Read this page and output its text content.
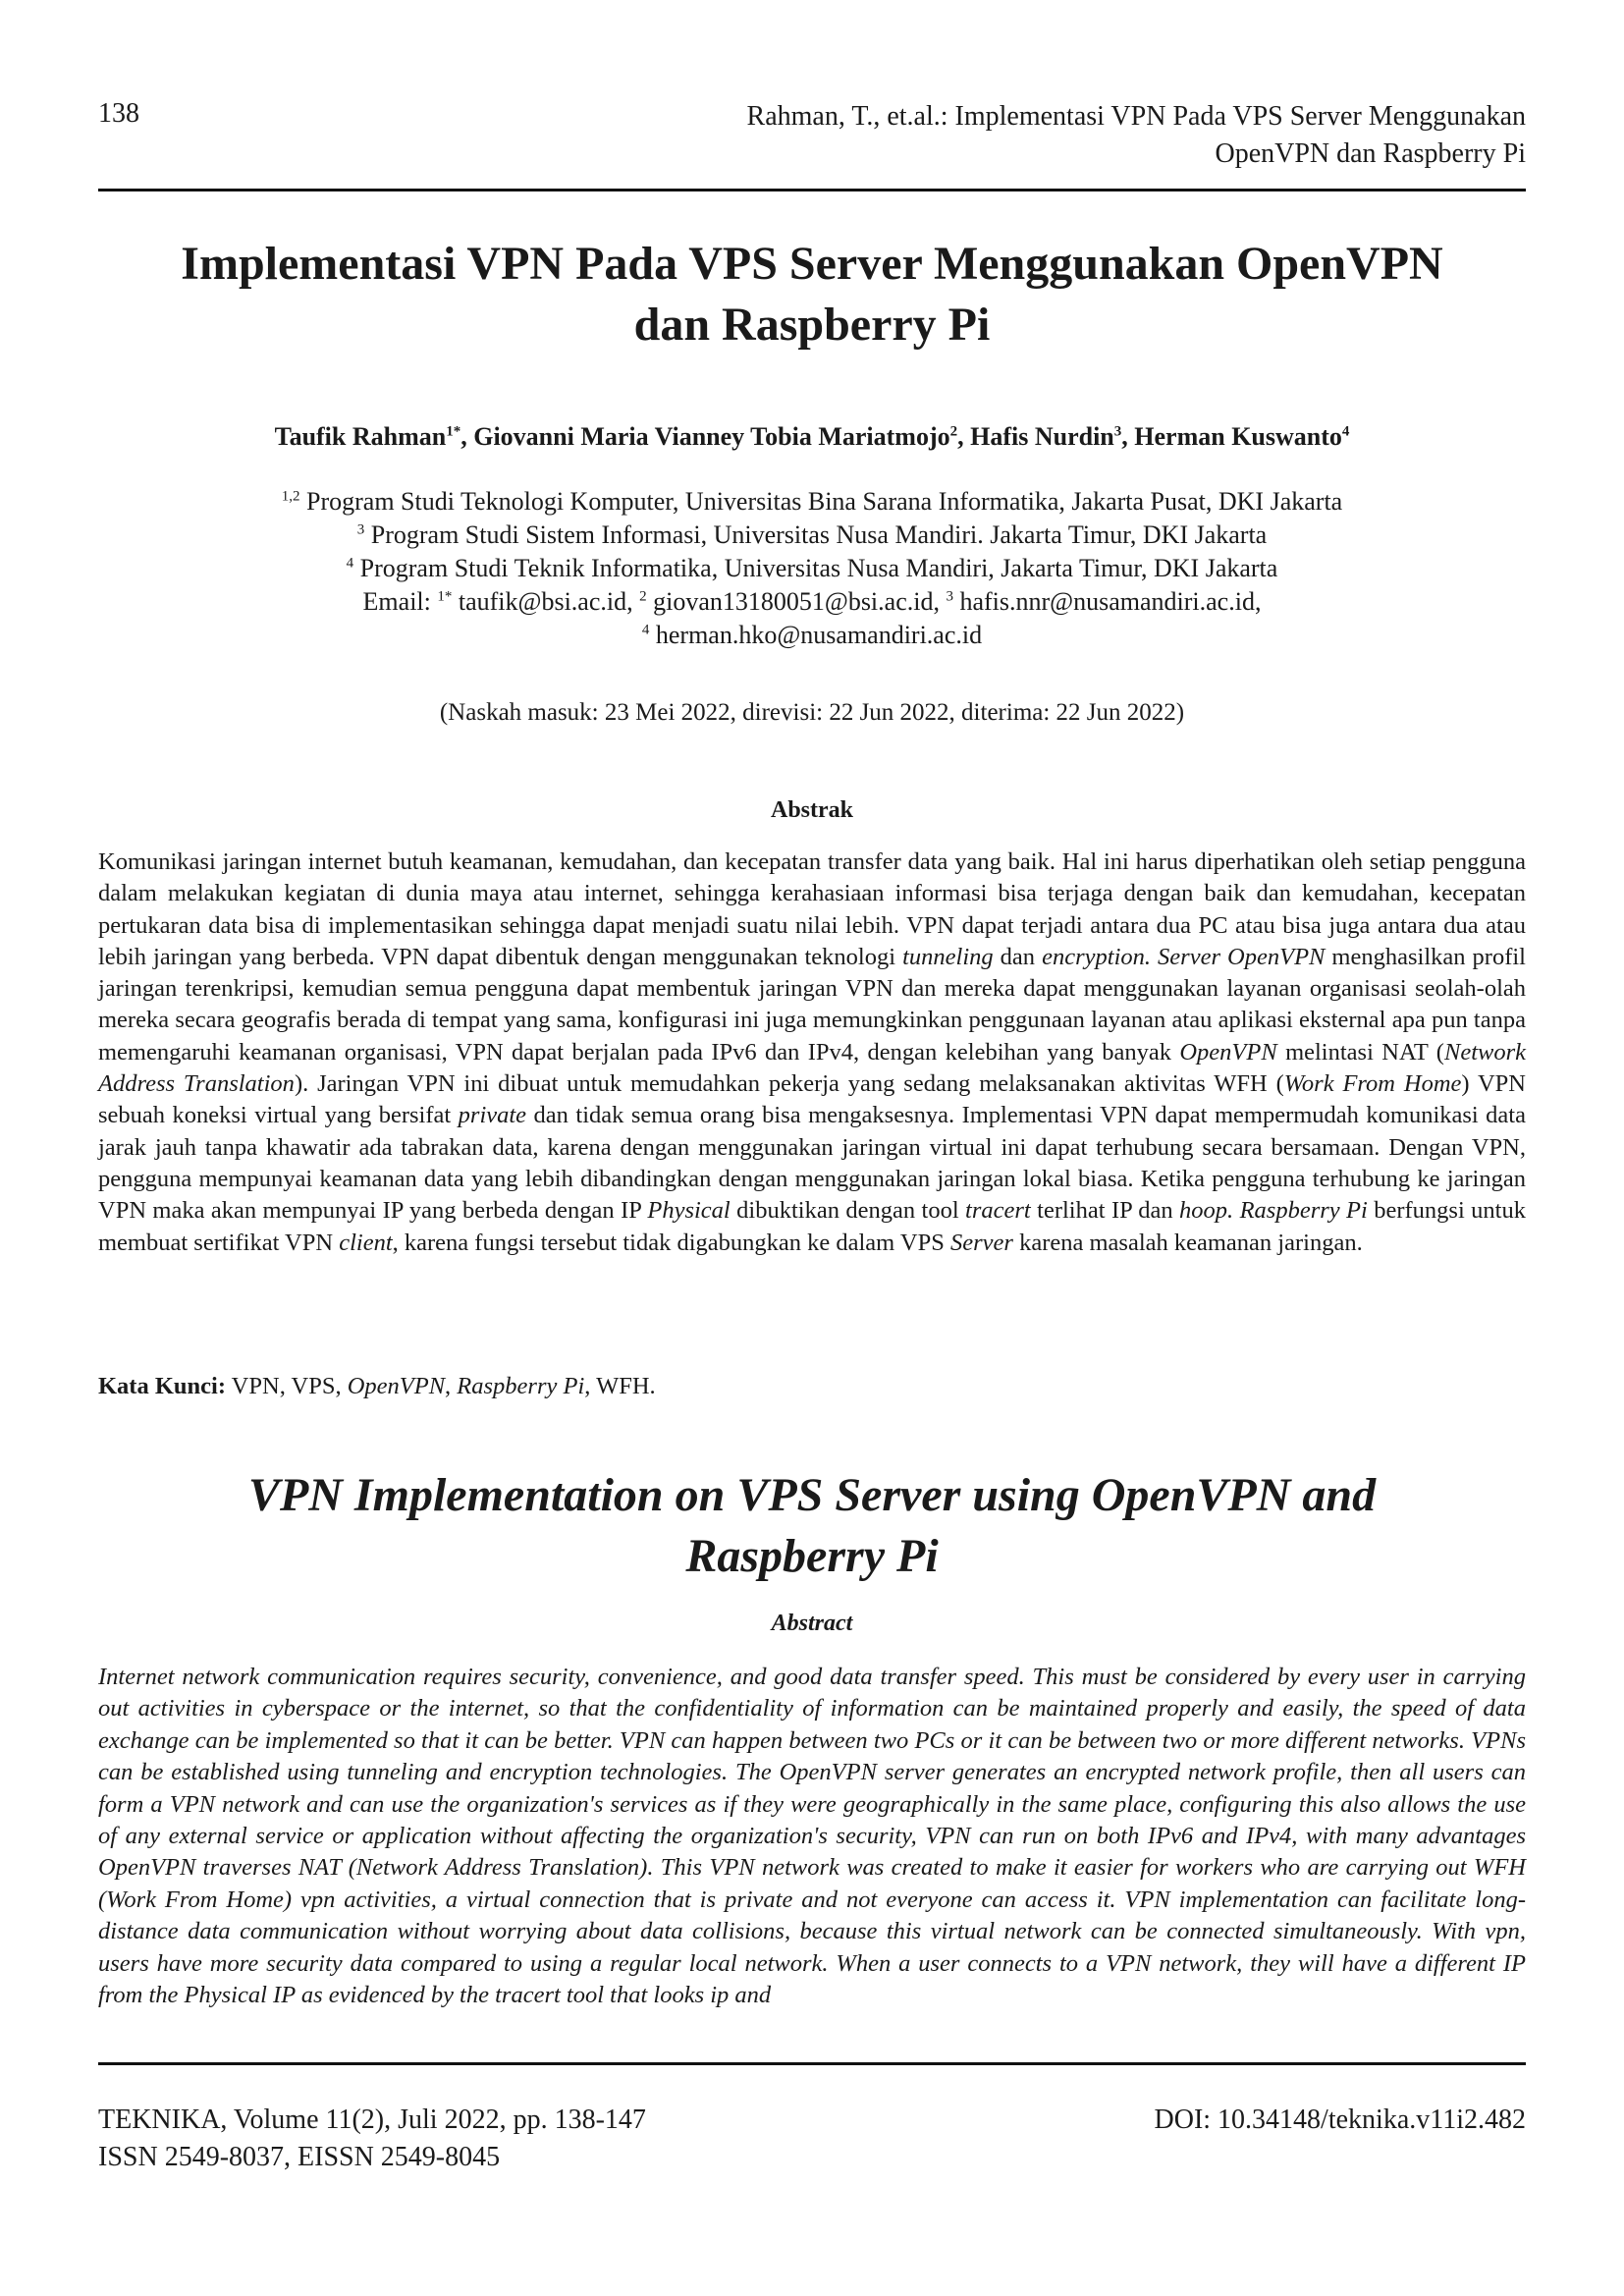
138	Rahman, T., et.al.: Implementasi VPN Pada VPS Server Menggunakan
OpenVPN dan Raspberry Pi
Implementasi VPN Pada VPS Server Menggunakan OpenVPN
dan Raspberry Pi
Taufik Rahman$^{1*}$, Giovanni Maria Vianney Tobia Mariatmojo$^2$, Hafis Nurdin$^3$, Herman Kuswanto$^4$
$^{1,2}$ Program Studi Teknologi Komputer, Universitas Bina Sarana Informatika, Jakarta Pusat, DKI Jakarta
$^3$ Program Studi Sistem Informasi, Universitas Nusa Mandiri. Jakarta Timur, DKI Jakarta
$^4$ Program Studi Teknik Informatika, Universitas Nusa Mandiri, Jakarta Timur, DKI Jakarta
Email: $^{1*}$ taufik@bsi.ac.id, $^2$ giovan13180051@bsi.ac.id, $^3$ hafis.nnr@nusamandiri.ac.id,
$^4$ herman.hko@nusamandiri.ac.id
(Naskah masuk: 23 Mei 2022, direvisi: 22 Jun 2022, diterima: 22 Jun 2022)
Abstrak

Komunikasi jaringan internet butuh keamanan, kemudahan, dan kecepatan transfer data yang baik. Hal ini harus diperhatikan oleh setiap pengguna dalam melakukan kegiatan di dunia maya atau internet, sehingga kerahasiaan informasi bisa terjaga dengan baik dan kemudahan, kecepatan pertukaran data bisa di implementasikan sehingga dapat menjadi suatu nilai lebih. VPN dapat terjadi antara dua PC atau bisa juga antara dua atau lebih jaringan yang berbeda. VPN dapat dibentuk dengan menggunakan teknologi tunneling dan encryption. Server OpenVPN menghasilkan profil jaringan terenkripsi, kemudian semua pengguna dapat membentuk jaringan VPN dan mereka dapat menggunakan layanan organisasi seolah-olah mereka secara geografis berada di tempat yang sama, konfigurasi ini juga memungkinkan penggunaan layanan atau aplikasi eksternal apa pun tanpa memengaruhi keamanan organisasi, VPN dapat berjalan pada IPv6 dan IPv4, dengan kelebihan yang banyak OpenVPN melintasi NAT (Network Address Translation). Jaringan VPN ini dibuat untuk memudahkan pekerja yang sedang melaksanakan aktivitas WFH (Work From Home) VPN sebuah koneksi virtual yang bersifat private dan tidak semua orang bisa mengaksesnya. Implementasi VPN dapat mempermudah komunikasi data jarak jauh tanpa khawatir ada tabrakan data, karena dengan menggunakan jaringan virtual ini dapat terhubung secara bersamaan. Dengan VPN, pengguna mempunyai keamanan data yang lebih dibandingkan dengan menggunakan jaringan lokal biasa. Ketika pengguna terhubung ke jaringan VPN maka akan mempunyai IP yang berbeda dengan IP Physical dibuktikan dengan tool tracert terlihat IP dan hoop. Raspberry Pi berfungsi untuk membuat sertifikat VPN client, karena fungsi tersebut tidak digabungkan ke dalam VPS Server karena masalah keamanan jaringan.

Kata Kunci: VPN, VPS, OpenVPN, Raspberry Pi, WFH.
VPN Implementation on VPS Server using OpenVPN and
Raspberry Pi
Abstract
Internet network communication requires security, convenience, and good data transfer speed. This must be considered by every user in carrying out activities in cyberspace or the internet, so that the confidentiality of information can be maintained properly and easily, the speed of data exchange can be implemented so that it can be better. VPN can happen between two PCs or it can be between two or more different networks. VPNs can be established using tunneling and encryption technologies. The OpenVPN server generates an encrypted network profile, then all users can form a VPN network and can use the organization's services as if they were geographically in the same place, configuring this also allows the use of any external service or application without affecting the organization's security, VPN can run on both IPv6 and IPv4, with many advantages OpenVPN traverses NAT (Network Address Translation). This VPN network was created to make it easier for workers who are carrying out WFH (Work From Home) vpn activities, a virtual connection that is private and not everyone can access it. VPN implementation can facilitate long-distance data communication without worrying about data collisions, because this virtual network can be connected simultaneously. With vpn, users have more security data compared to using a regular local network. When a user connects to a VPN network, they will have a different IP from the Physical IP as evidenced by the tracert tool that looks ip and
TEKNIKA, Volume 11(2), Juli 2022, pp. 138-147
ISSN 2549-8037, EISSN 2549-8045
DOI: 10.34148/teknika.v11i2.482
